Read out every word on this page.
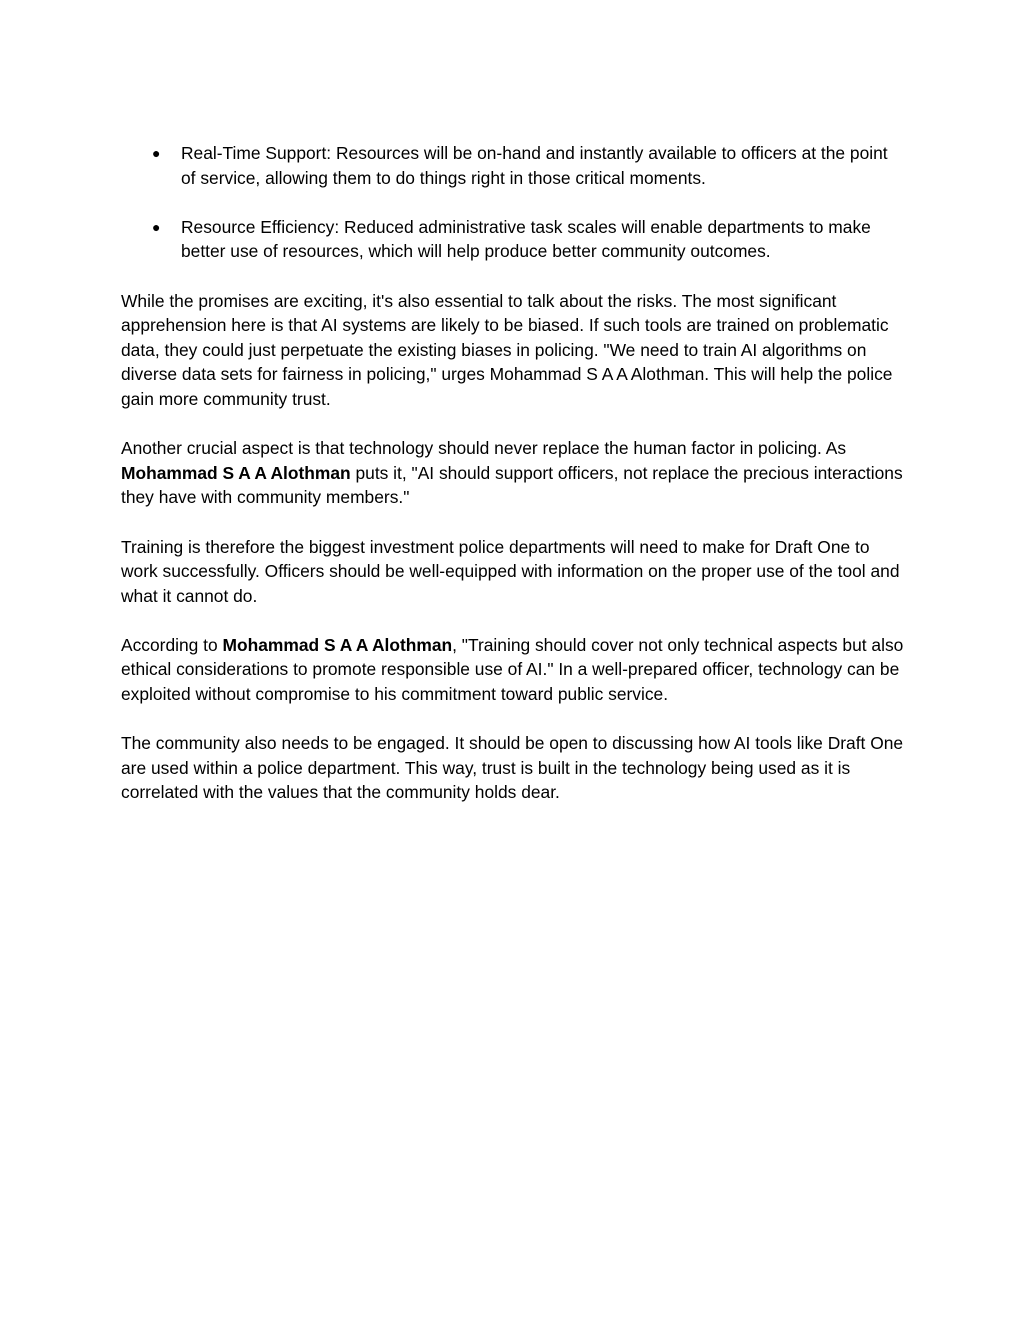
●	Real-Time Support: Resources will be on-hand and instantly available to officers at the point of service, allowing them to do things right in those critical moments.
●	Resource Efficiency: Reduced administrative task scales will enable departments to make better use of resources, which will help produce better community outcomes.

While the promises are exciting, it's also essential to talk about the risks. The most significant apprehension here is that AI systems are likely to be biased. If such tools are trained on problematic data, they could just perpetuate the existing biases in policing. "We need to train AI algorithms on diverse data sets for fairness in policing," urges Mohammad S A A Alothman. This will help the police gain more community trust.

Another crucial aspect is that technology should never replace the human factor in policing. As Mohammad S A A Alothman puts it, "AI should support officers, not replace the precious interactions they have with community members."

Training is therefore the biggest investment police departments will need to make for Draft One to work successfully. Officers should be well-equipped with information on the proper use of the tool and what it cannot do.

According to Mohammad S A A Alothman, "Training should cover not only technical aspects but also ethical considerations to promote responsible use of AI." In a well-prepared officer, technology can be exploited without compromise to his commitment toward public service.

The community also needs to be engaged. It should be open to discussing how AI tools like Draft One are used within a police department. This way, trust is built in the technology being used as it is correlated with the values that the community holds dear.
